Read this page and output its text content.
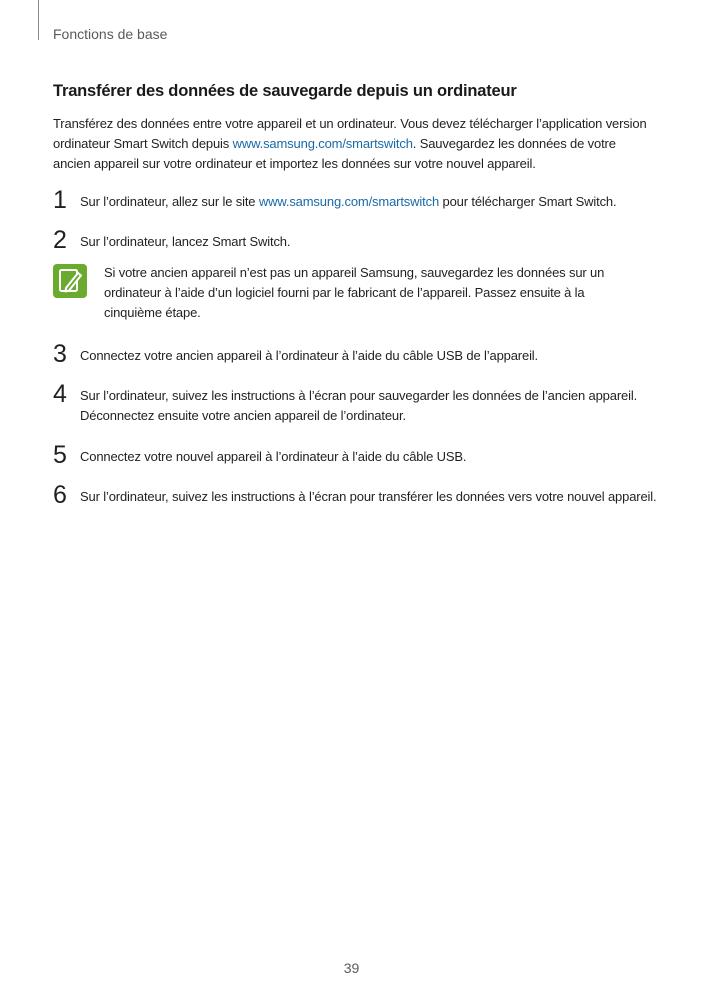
Fonctions de base
Transférer des données de sauvegarde depuis un ordinateur
Transférez des données entre votre appareil et un ordinateur. Vous devez télécharger l’application version ordinateur Smart Switch depuis www.samsung.com/smartswitch. Sauvegardez les données de votre ancien appareil sur votre ordinateur et importez les données sur votre nouvel appareil.
1 Sur l’ordinateur, allez sur le site www.samsung.com/smartswitch pour télécharger Smart Switch.
2 Sur l’ordinateur, lancez Smart Switch.
Si votre ancien appareil n’est pas un appareil Samsung, sauvegardez les données sur un ordinateur à l’aide d’un logiciel fourni par le fabricant de l’appareil. Passez ensuite à la cinquième étape.
3 Connectez votre ancien appareil à l’ordinateur à l’aide du câble USB de l’appareil.
4 Sur l’ordinateur, suivez les instructions à l’écran pour sauvegarder les données de l’ancien appareil. Déconnectez ensuite votre ancien appareil de l’ordinateur.
5 Connectez votre nouvel appareil à l’ordinateur à l’aide du câble USB.
6 Sur l’ordinateur, suivez les instructions à l’écran pour transférer les données vers votre nouvel appareil.
39
